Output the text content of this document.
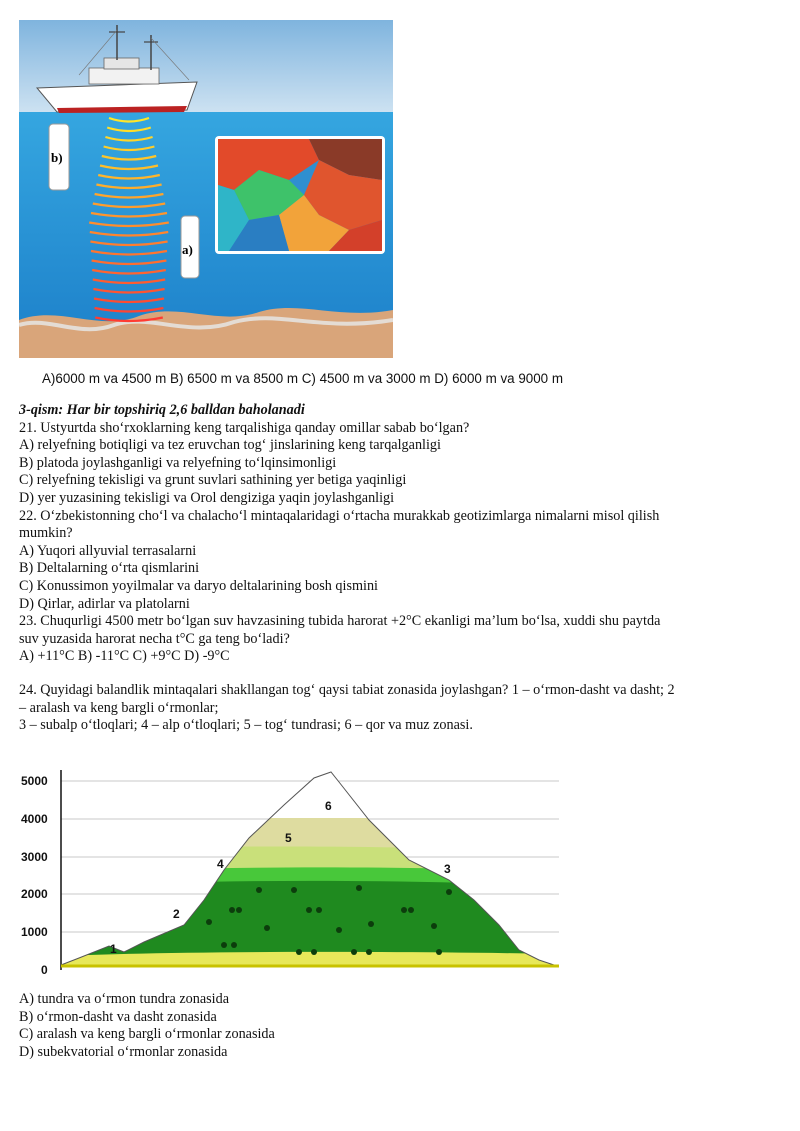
b)
a)
A)6000 m va 4500 m B) 6500 m va 8500 m C) 4500 m va 3000 m D) 6000 m va 9000 m
3-qism: Har bir topshiriq 2,6 balldan baholanadi
21. Ustyurtda sho‘rxoklarning keng tarqalishiga qanday omillar sabab bo‘lgan?
A) relyefning botiqligi va tez eruvchan tog‘ jinslarining keng tarqalganligi
B) platoda joylashganligi va relyefning to‘lqinsimonligi
C) relyefning tekisligi va grunt suvlari sathining yer betiga yaqinligi
D) yer yuzasining tekisligi va Orol dengiziga yaqin joylashganligi
22. O‘zbekistonning cho‘l va chalacho‘l mintaqalaridagi o‘rtacha murakkab geotizimlarga nimalarni misol qilish
mumkin?
A) Yuqori allyuvial terrasalarni
B) Deltalarning o‘rta qismlarini
C) Konussimon yoyilmalar va daryo deltalarining bosh qismini
D) Qirlar, adirlar va platolarni
23. Chuqurligi 4500 metr bo‘lgan suv havzasining tubida harorat +2°C ekanligi ma’lum bo‘lsa, xuddi shu paytda
suv yuzasida harorat necha t°C ga teng bo‘ladi?
A) +11°C B) -11°C C) +9°C D) -9°C
24. Quyidagi balandlik mintaqalari shakllangan tog‘ qaysi tabiat zonasida joylashgan? 1 – o‘rmon-dasht va dasht; 2
– aralash va keng bargli o‘rmonlar;
3 – subalp o‘tloqlari; 4 – alp o‘tloqlari; 5 – tog‘ tundrasi; 6 – qor va muz zonasi.
5000
4000
3000
2000
1000
0
1
2
3
4
5
6
A) tundra va o‘rmon tundra zonasida
B) o‘rmon-dasht va dasht zonasida
C) aralash va keng bargli o‘rmonlar zonasida
D) subekvatorial o‘rmonlar zonasida
